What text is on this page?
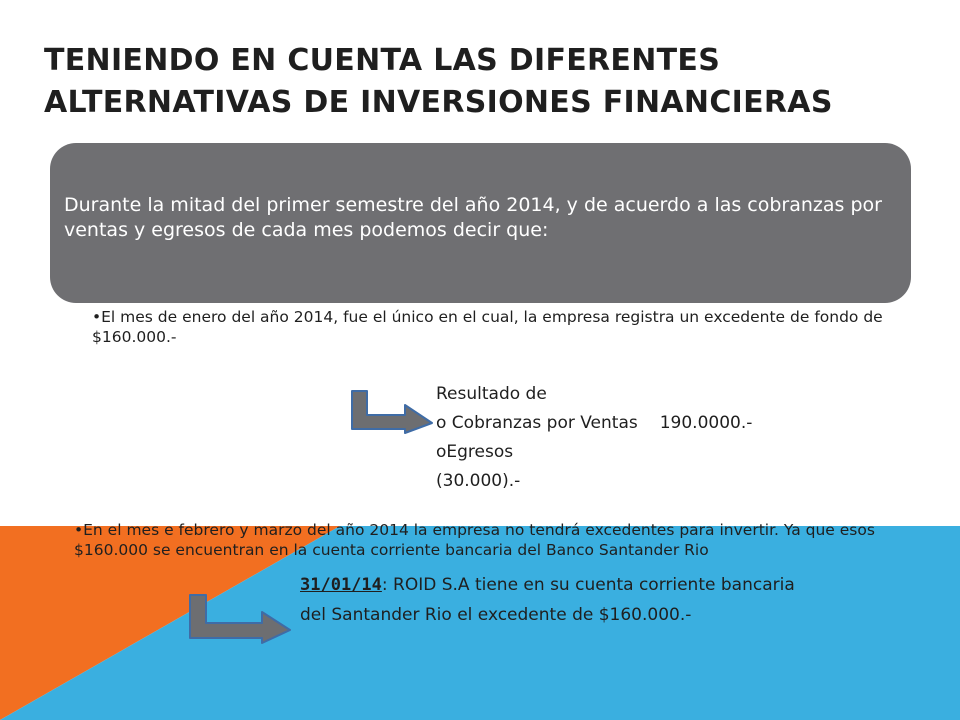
TENIENDO EN CUENTA LAS DIFERENTES
ALTERNATIVAS DE INVERSIONES FINANCIERAS
Durante la mitad del primer semestre del año 2014, y de acuerdo a las cobranzas por ventas y egresos de cada mes podemos decir que:
•El mes de enero del año 2014, fue el único en el cual, la empresa registra un excedente de fondo de $160.000.-
Resultado de
o Cobranzas por Ventas 190.0000.-
oEgresos
(30.000).-
•En el mes e febrero y marzo del año 2014 la empresa no tendrá excedentes para invertir. Ya que esos $160.000 se encuentran en la cuenta corriente bancaria del Banco Santander Rio
31/01/14: ROID S.A tiene en su cuenta corriente bancaria del Santander Rio el excedente de $160.000.-
